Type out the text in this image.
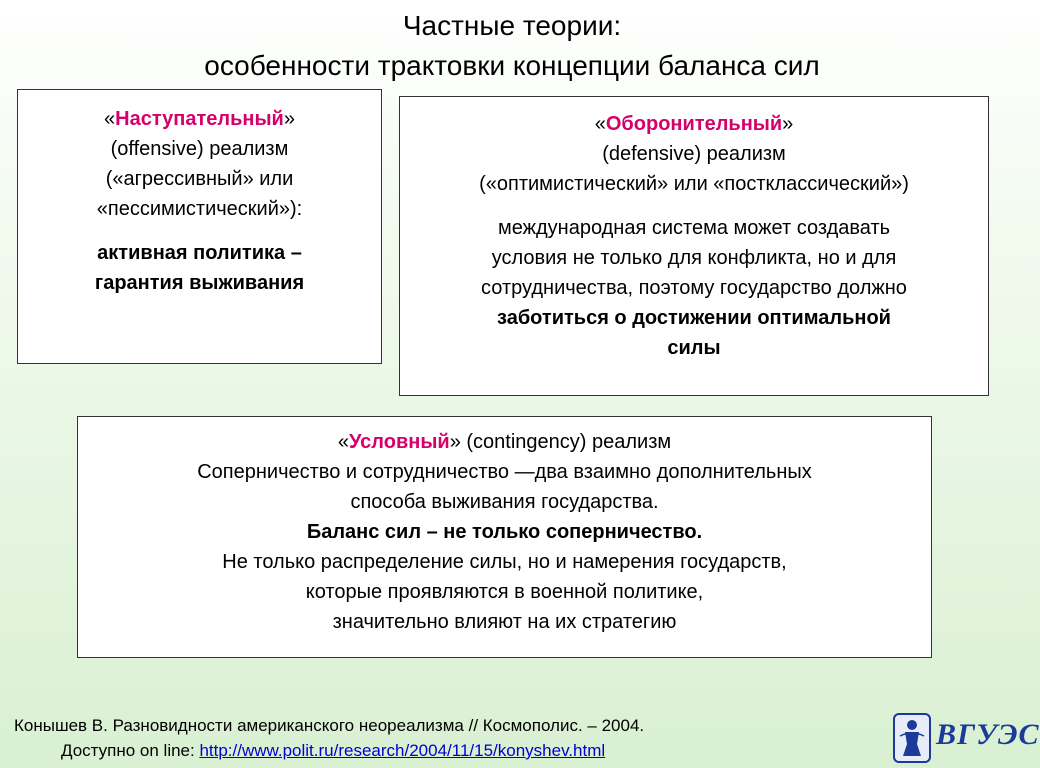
Частные теории:
особенности трактовки концепции баланса сил

«Наступательный»

(offensive) реализм

(«агрессивный» или

«пессимистический»):

активная политика –

гарантия выживания

«Оборонительный»

(defensive) реализм

(«оптимистический» или «постклассический»)

международная система может создавать

условия не только для конфликта, но и для

сотрудничества, поэтому государство должно

заботиться о достижении оптимальной

силы

«Условный» (contingency) реализм

Соперничество и сотрудничество —два взаимно дополнительных

способа выживания государства.

Баланс сил – не только соперничество.

Не только распределение силы, но и намерения государств,

которые проявляются в военной политике,

значительно влияют на их стратегию

Конышев В. Разновидности американского неореализма // Космополис. – 2004.
Доступно on line: http://www.polit.ru/research/2004/11/15/konyshev.html	ВГУЭС
